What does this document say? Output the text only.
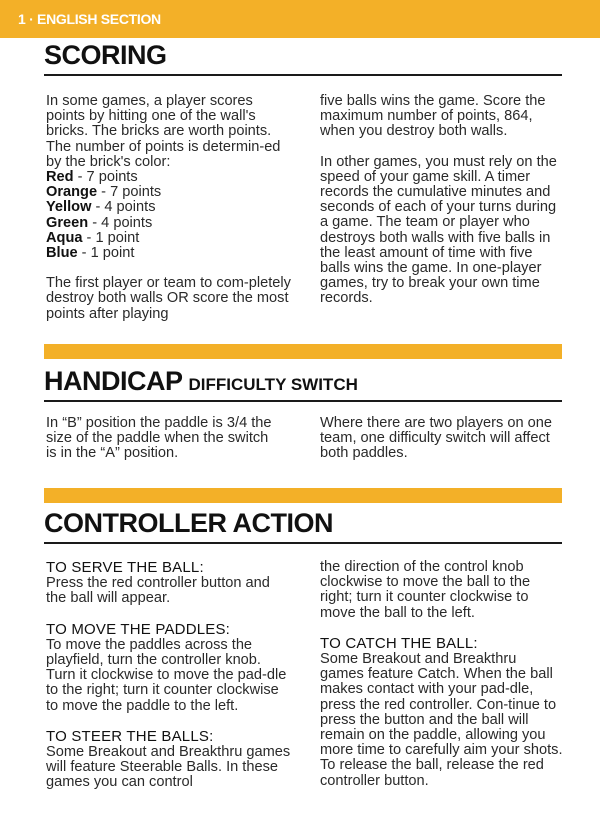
1 · ENGLISH SECTION
SCORING

In some games, a player scores points by hitting one of the wall's bricks. The bricks are worth points. The number of points is determin-ed by the brick's color:

Red - 7 points
Orange - 7 points
Yellow - 4 points
Green - 4 points
Aqua - 1 point
Blue - 1 point

The first player or team to com-pletely destroy both walls OR score the most points after playing

five balls wins the game. Score the maximum number of points, 864, when you destroy both walls.

In other games, you must rely on the speed of your game skill. A timer records the cumulative minutes and seconds of each of your turns during a game. The team or player who destroys both walls with five balls in the least amount of time with five balls wins the game. In one-player games, try to break your own time records.

HANDICAP DIFFICULTY SWITCH

In “B” position the paddle is 3/4 the size of the paddle when the switch is in the “A” position.

Where there are two players on one team, one difficulty switch will affect both paddles.

CONTROLLER ACTION

TO SERVE THE BALL:

Press the red controller button and the ball will appear.

TO MOVE THE PADDLES:

To move the paddles across the playfield, turn the controller knob. Turn it clockwise to move the pad-dle to the right; turn it counter clockwise to move the paddle to the left.

TO STEER THE BALLS:

Some Breakout and Breakthru games will feature Steerable Balls. In these games you can control

the direction of the control knob clockwise to move the ball to the right; turn it counter clockwise to move the ball to the left.

TO CATCH THE BALL:

Some Breakout and Breakthru games feature Catch. When the ball makes contact with your pad-dle, press the red controller. Con-tinue to press the button and the ball will remain on the paddle, allowing you more time to carefully aim your shots. To release the ball, release the red controller button.
